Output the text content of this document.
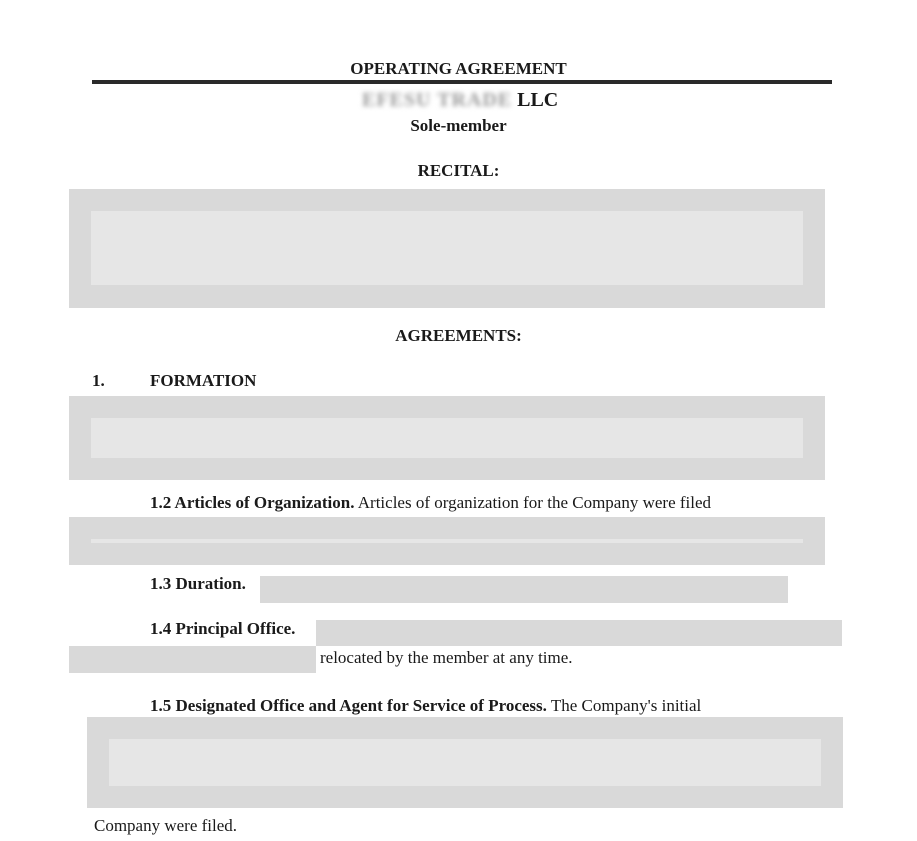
OPERATING AGREEMENT
EFESU TRADE LLC
Sole-member
RECITAL:
AGREEMENTS:
1.	FORMATION
1.2 Articles of Organization. Articles of organization for the Company were filed
1.3 Duration.
1.4 Principal Office.
relocated by the member at any time.
1.5 Designated Office and Agent for Service of Process. The Company's initial
Company were filed.
